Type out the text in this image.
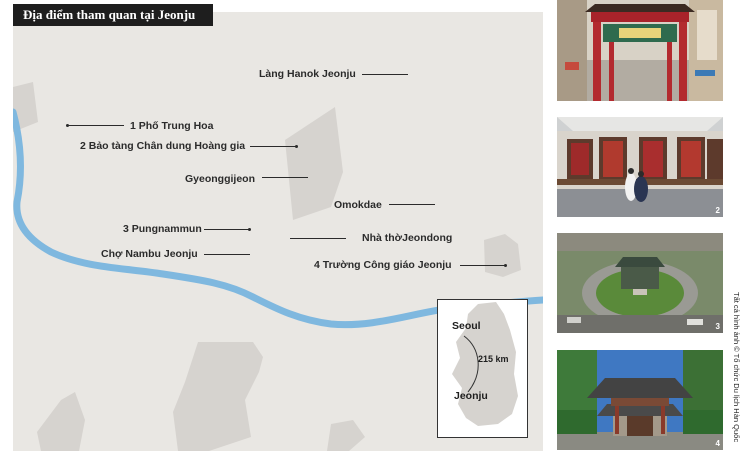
Địa điểm tham quan tại Jeonju
Làng Hanok Jeonju
1 Phố Trung Hoa
2 Bảo tàng Chân dung Hoàng gia
Gyeonggijeon
Omokdae
3 Pungnammun
Nhà thờJeondong
Chợ Nambu Jeonju
4 Trường Công giáo Jeonju
Seoul
215 km
Jeonju
2
3
4
Tất cả hình ảnh © Tổ chức Du lịch Hàn Quốc
